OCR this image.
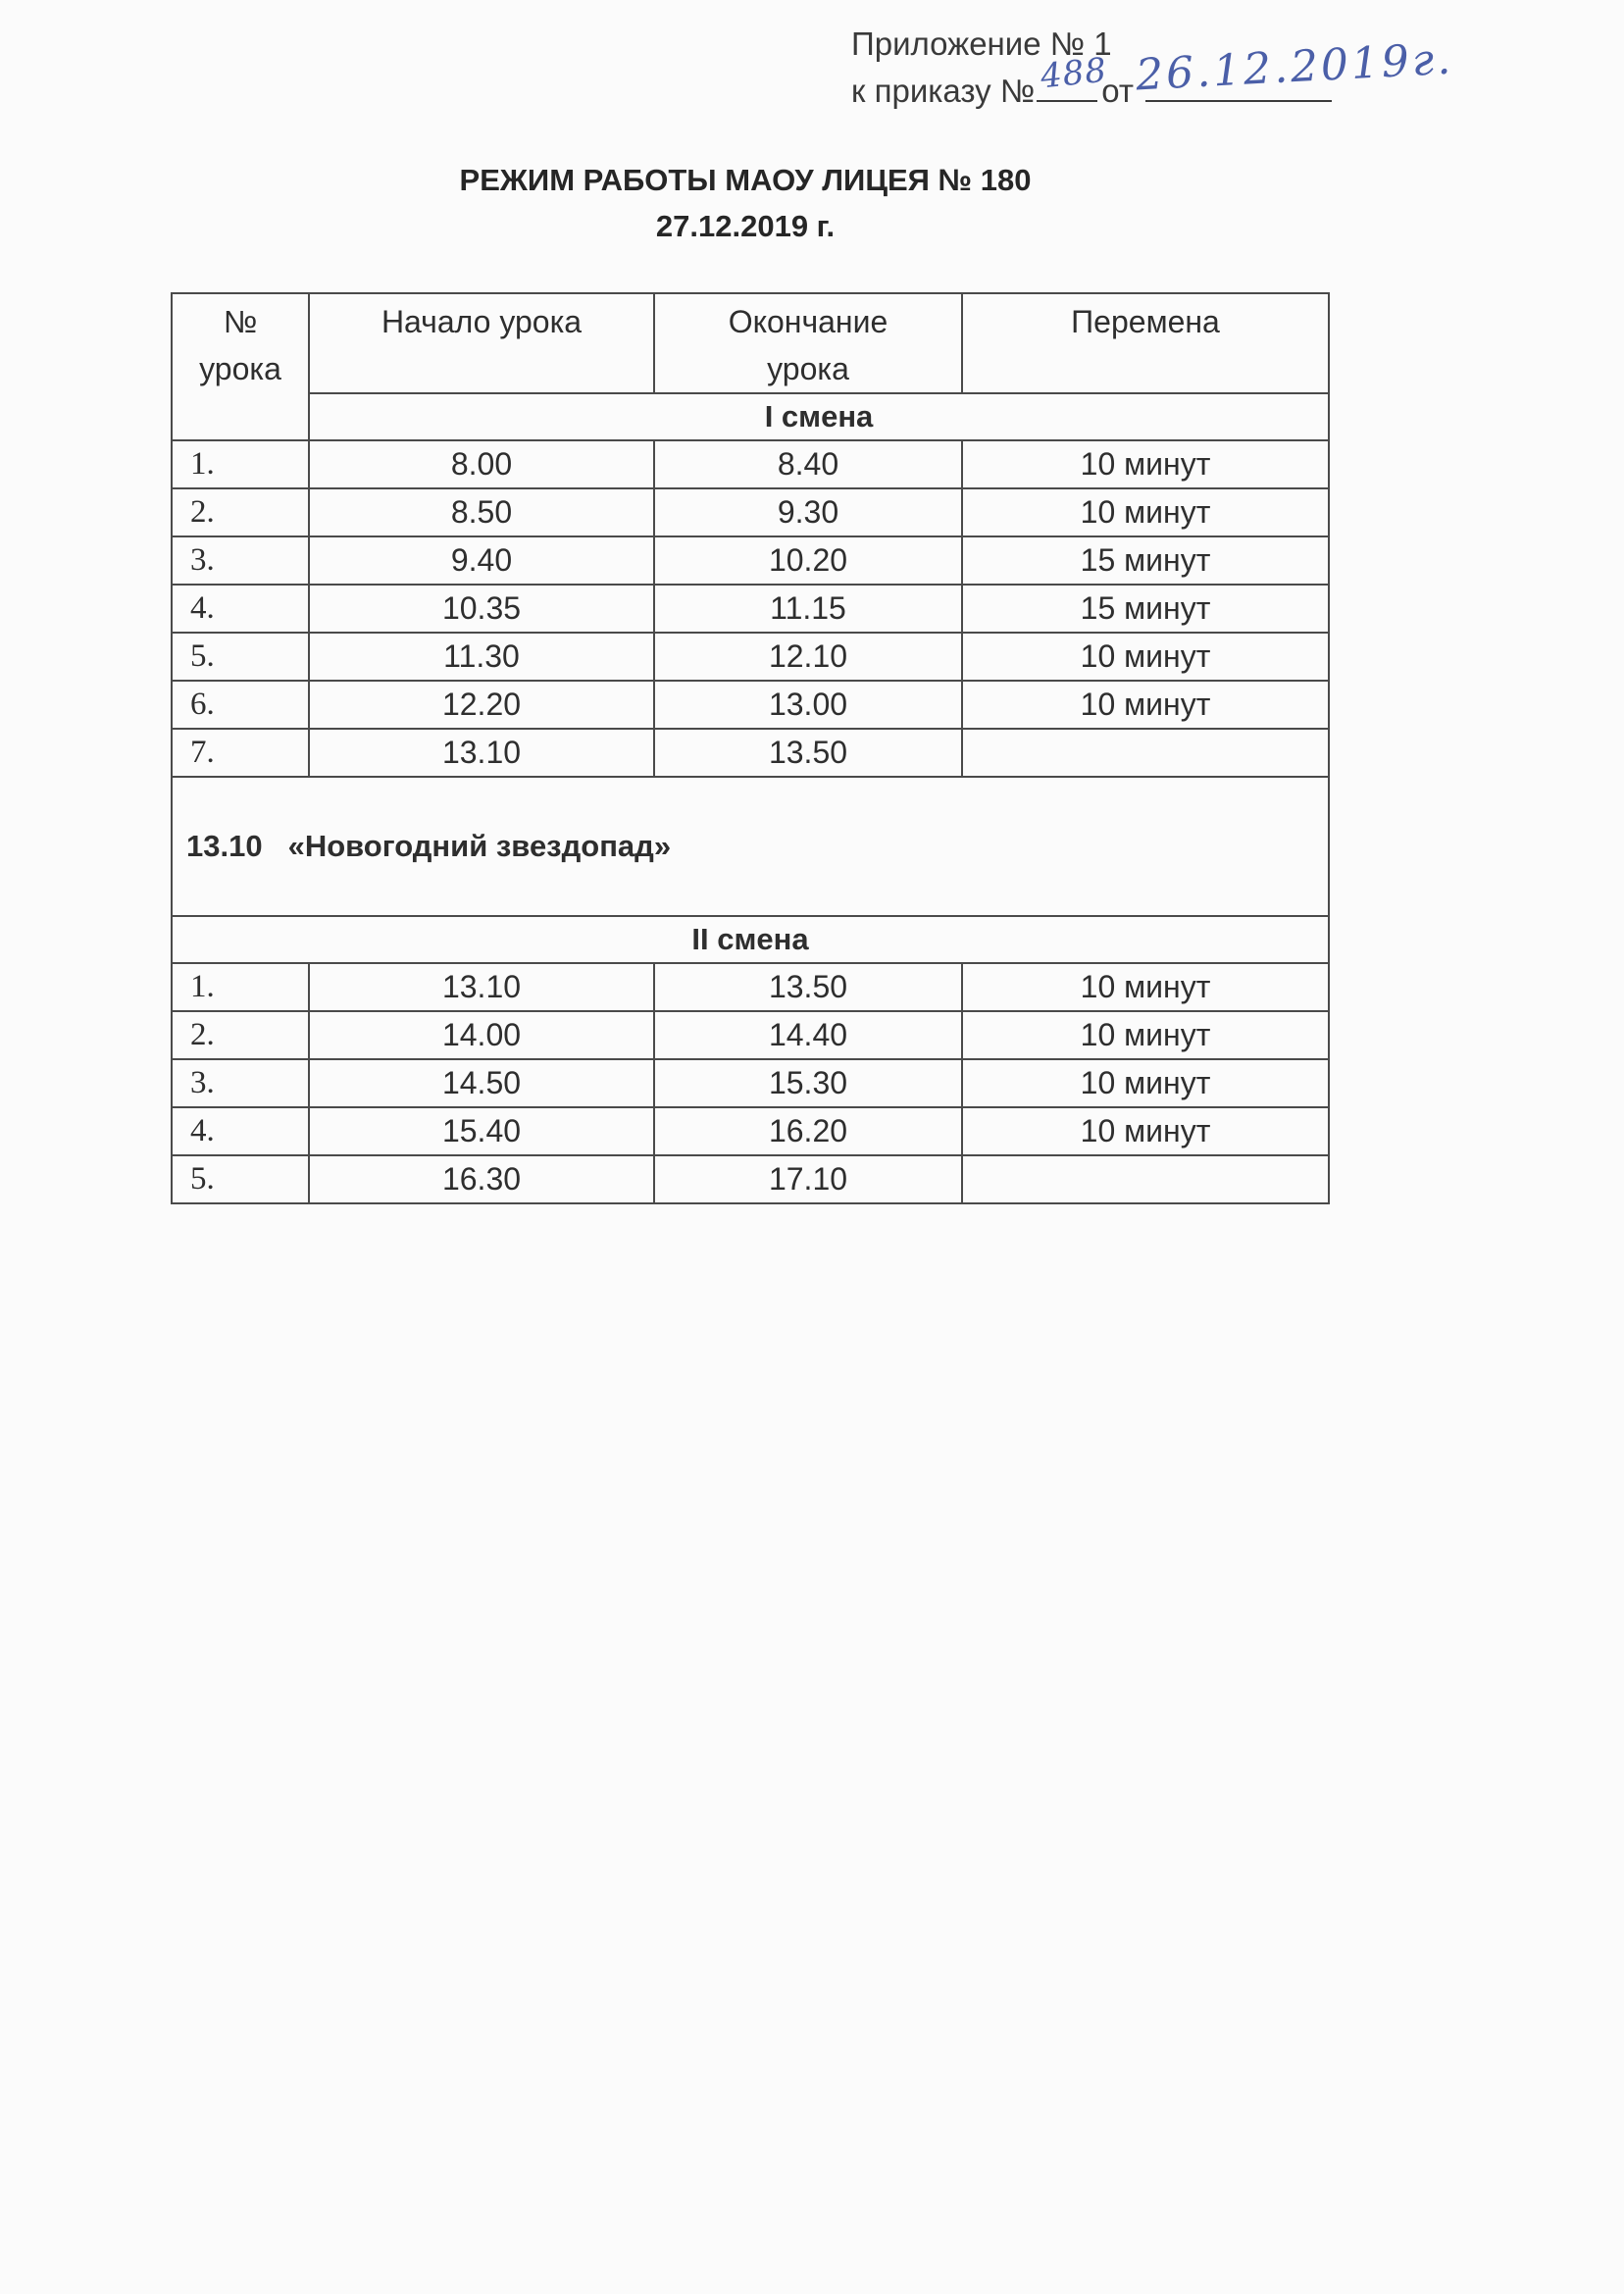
Приложение № 1
к приказу № 488
от 26.12.2019г.
РЕЖИМ РАБОТЫ МАОУ ЛИЦЕЯ № 180
27.12.2019 г.
№ урока	Начало урока	Окончание урока	Перемена
	I смена		
1.	8.00	8.40	10 минут
2.	8.50	9.30	10 минут
3.	9.40	10.20	15 минут
4.	10.35	11.15	15 минут
5.	11.30	12.10	10 минут
6.	12.20	13.00	10 минут
7.	13.10	13.50	
13.10 «Новогодний звездопад»			
II смена			
1.	13.10	13.50	10 минут
2.	14.00	14.40	10 минут
3.	14.50	15.30	10 минут
4.	15.40	16.20	10 минут
5.	16.30	17.10	
